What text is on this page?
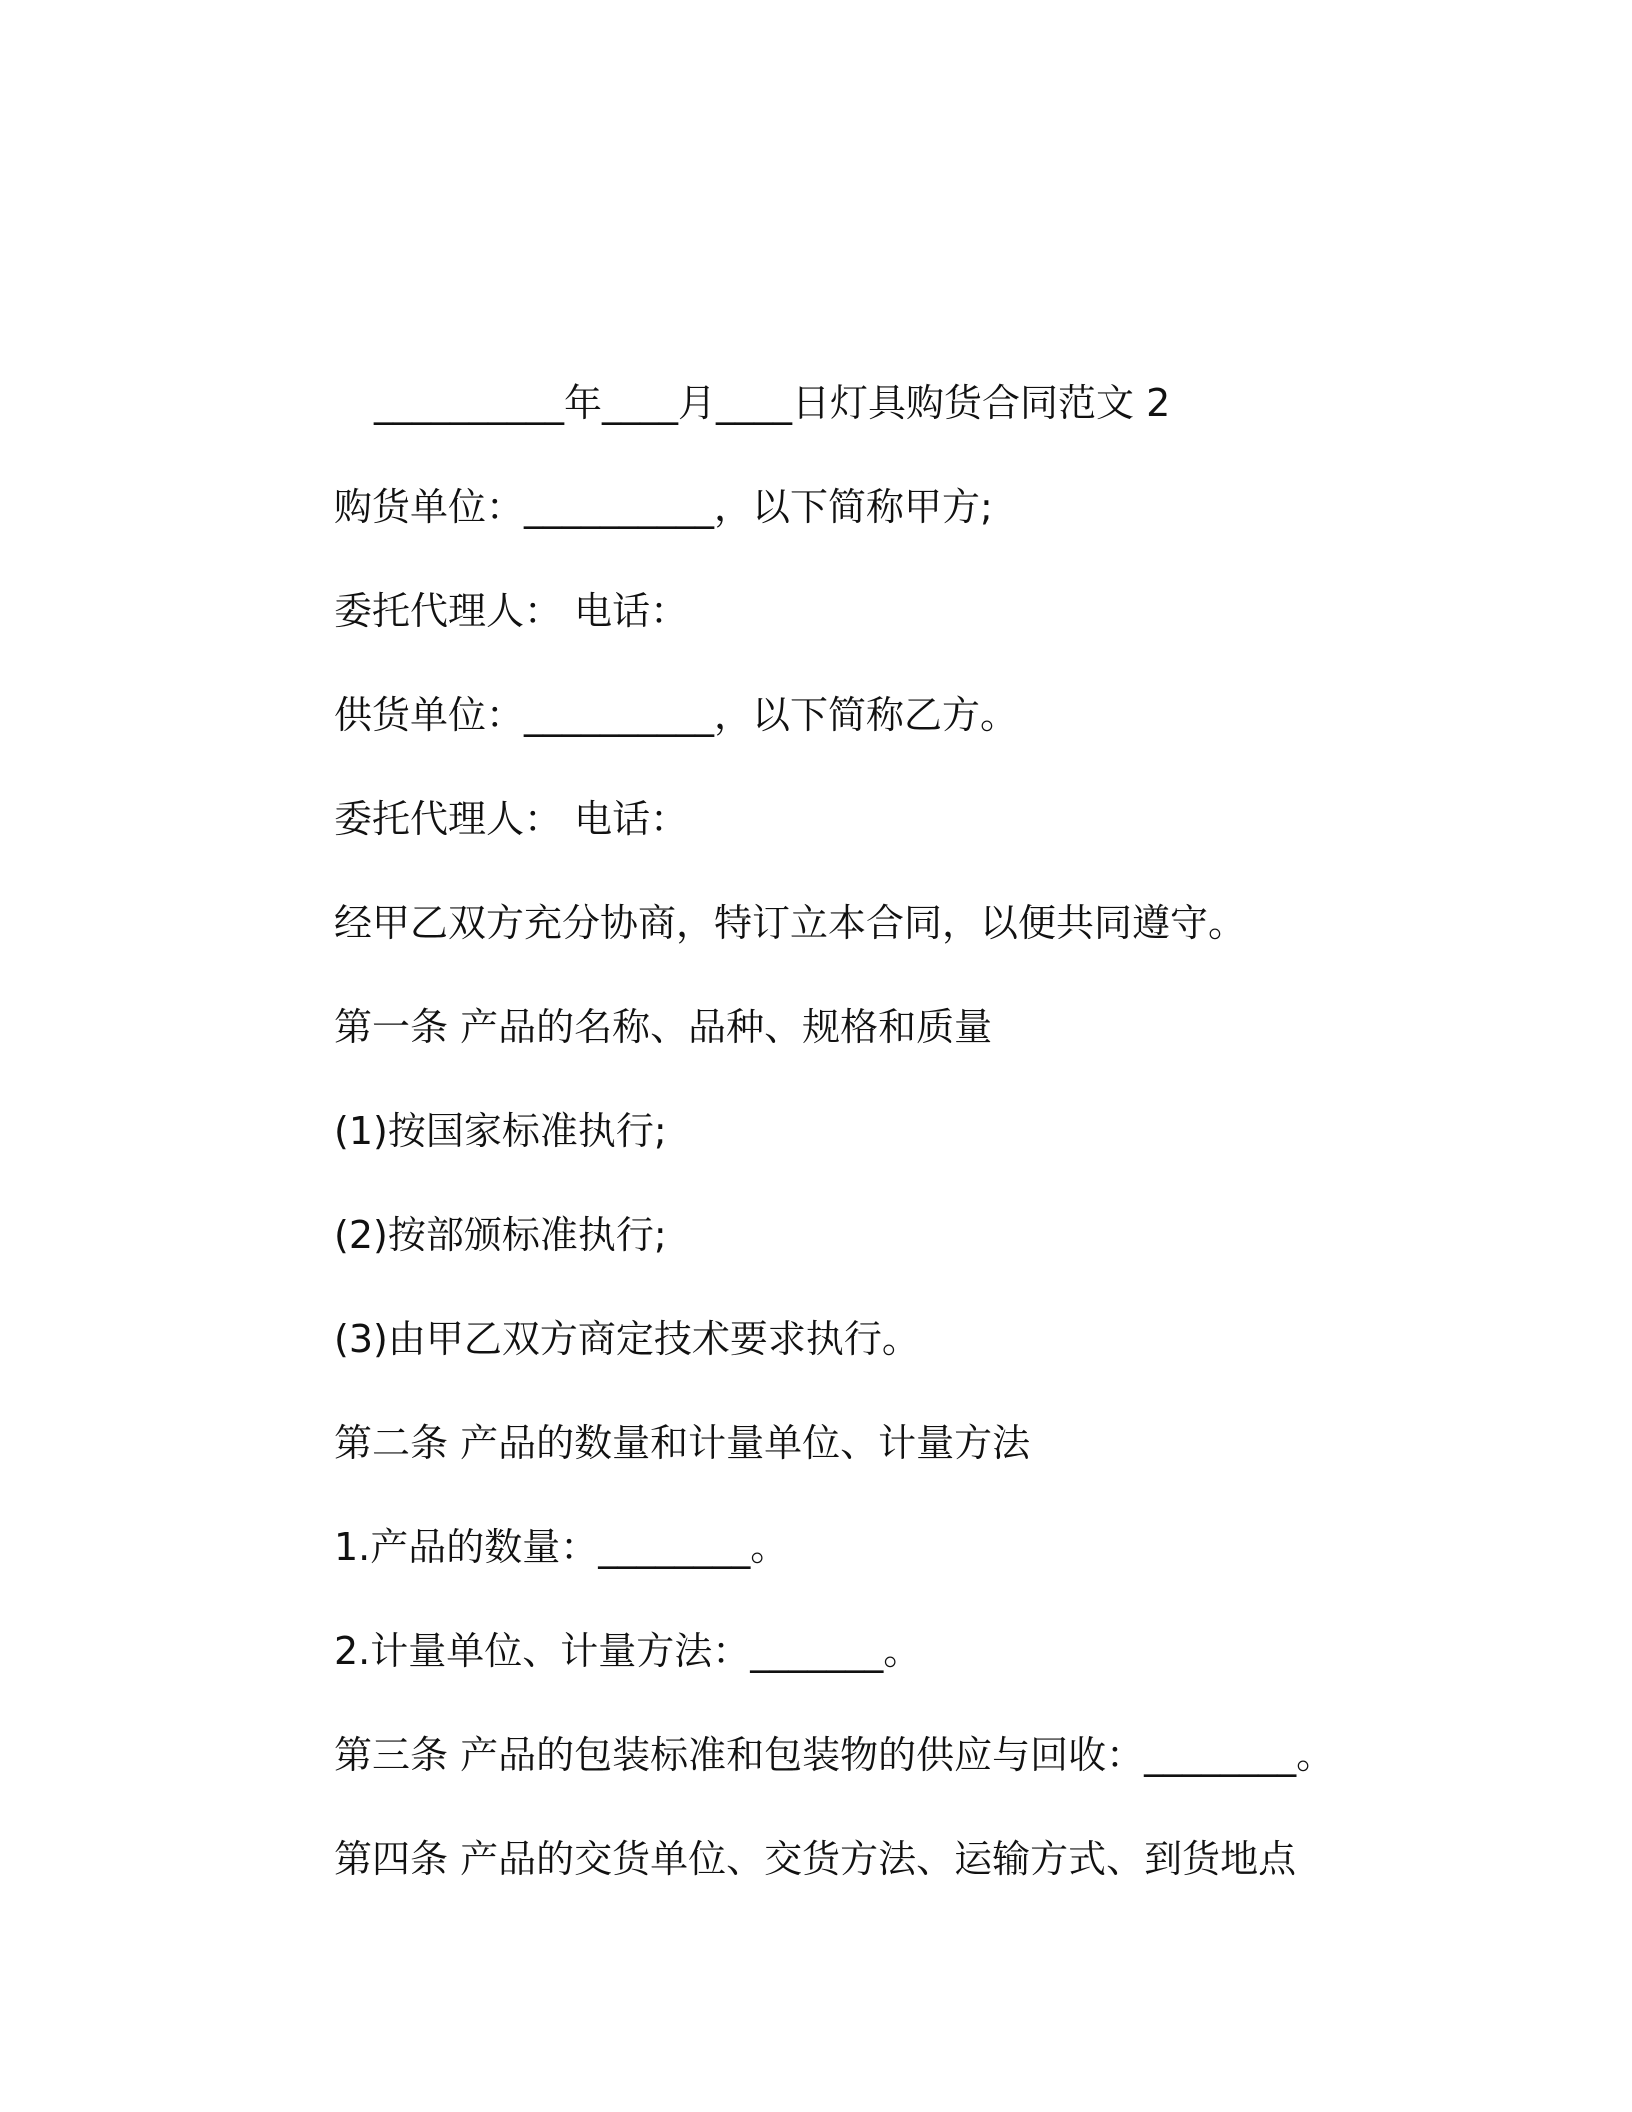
__________年____月____日灯具购货合同范文 2
购货单位：__________，以下简称甲方;
委托代理人： 电话：
供货单位：__________，以下简称乙方。
委托代理人： 电话：
经甲乙双方充分协商，特订立本合同，以便共同遵守。
第一条 产品的名称、品种、规格和质量
(1)按国家标准执行;
(2)按部颁标准执行;
(3)由甲乙双方商定技术要求执行。
第二条 产品的数量和计量单位、计量方法
1.产品的数量：________。
2.计量单位、计量方法：_______。
第三条 产品的包装标准和包装物的供应与回收：________。
第四条 产品的交货单位、交货方法、运输方式、到货地点
